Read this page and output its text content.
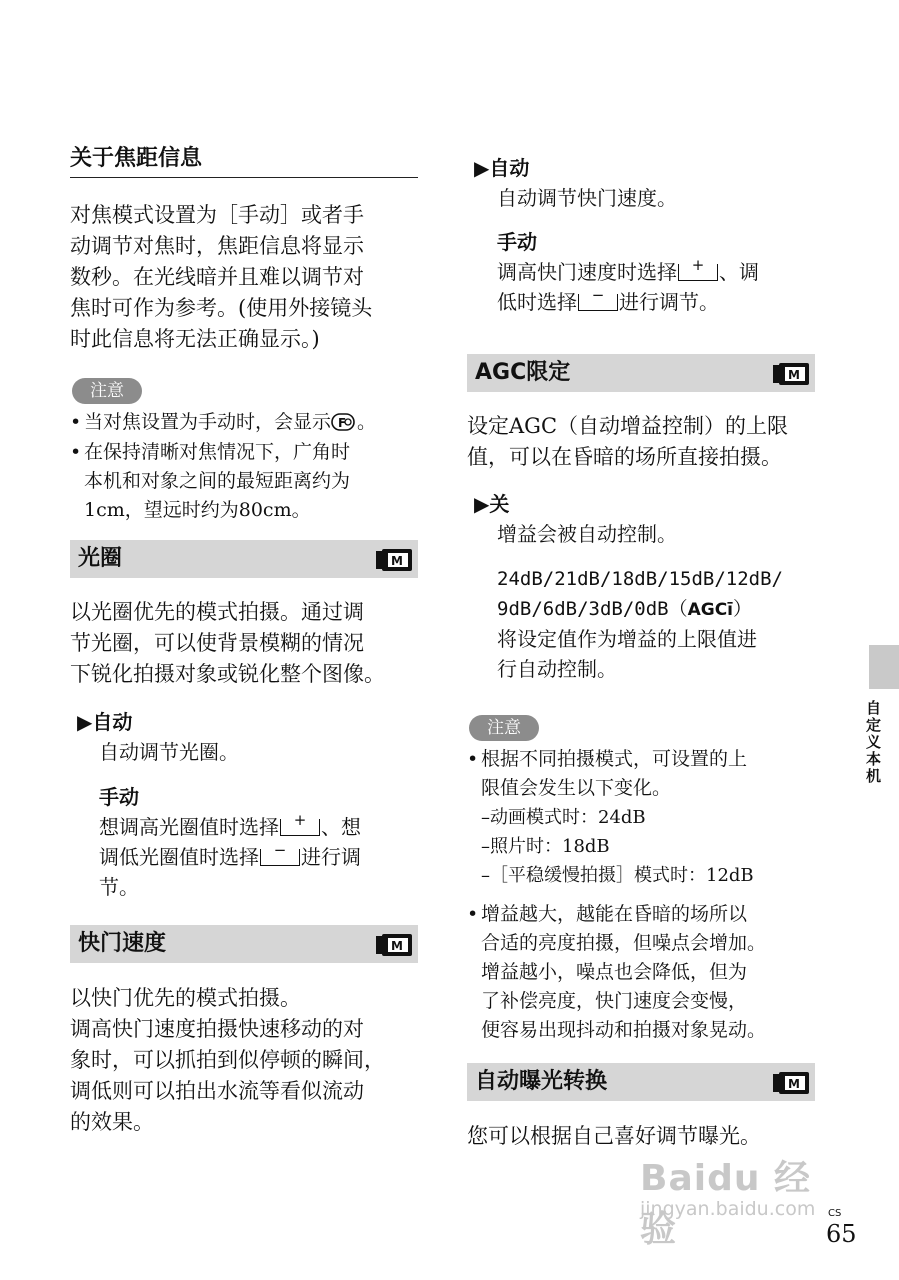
关于焦距信息
对焦模式设置为［手动］或者手
动调节对焦时，焦距信息将显示
数秒。在光线暗并且难以调节对
焦时可作为参考。(使用外接镜头
时此信息将无法正确显示。)
注意
• 当对焦设置为手动时，会显示 F 。
• 在保持清晰对焦情况下，广角时
本机和对象之间的最短距离约为
1cm，望远时约为80cm。
光圈	M
以光圈优先的模式拍摄。通过调
节光圈，可以使背景模糊的情况
下锐化拍摄对象或锐化整个图像。
▶自动
自动调节光圈。
手动
想调高光圈值时选择 + 、想
调低光圈值时选择 − 进行调
节。
快门速度	M
以快门优先的模式拍摄。
调高快门速度拍摄快速移动的对
象时，可以抓拍到似停顿的瞬间，
调低则可以拍出水流等看似流动
的效果。
▶自动
自动调节快门速度。
手动
调高快门速度时选择 + 、调
低时选择 − 进行调节。
AGC限定	M
设定AGC（自动增益控制）的上限
值，可以在昏暗的场所直接拍摄。
▶关
增益会被自动控制。
24dB/21dB/18dB/15dB/12dB/
9dB/6dB/3dB/0dB（AGCī）
将设定值作为增益的上限值进
行自动控制。
注意
• 根据不同拍摄模式，可设置的上
限值会发生以下变化。
–动画模式时：24dB
–照片时：18dB
–［平稳缓慢拍摄］模式时：12dB
• 增益越大，越能在昏暗的场所以
合适的亮度拍摄，但噪点会增加。
增益越小，噪点也会降低，但为
了补偿亮度，快门速度会变慢，
便容易出现抖动和拍摄对象晃动。
自动曝光转换	M
您可以根据自己喜好调节曝光。
自定义本机
Baidu 经验
jingyan.baidu.com CS
65
